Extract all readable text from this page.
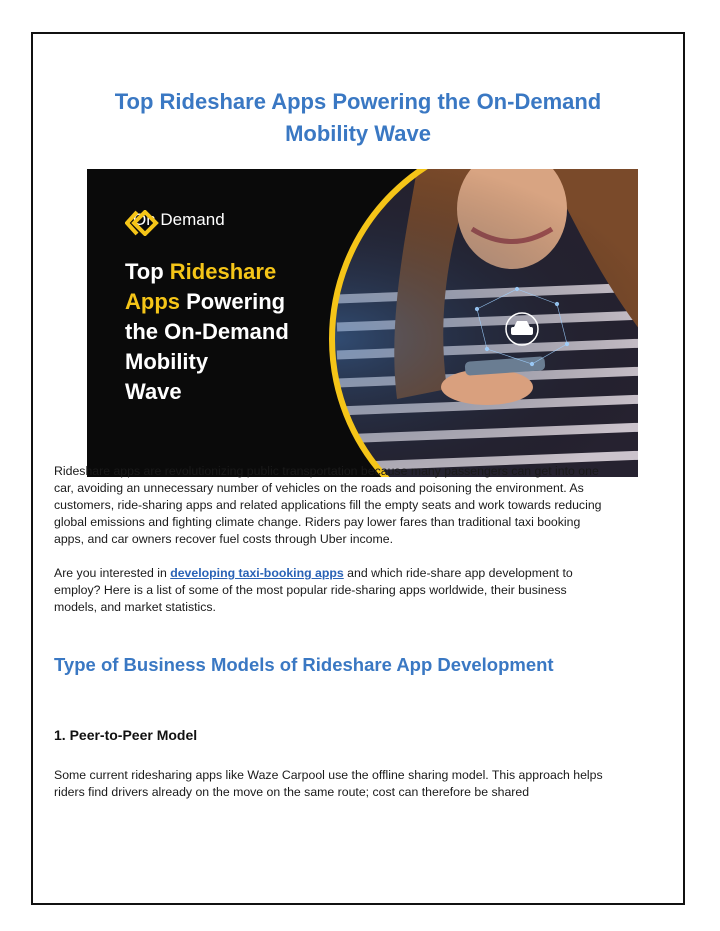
Top Rideshare Apps Powering the On-Demand
Mobility Wave
On Demand
Top Rideshare
Apps Powering
the On-Demand
Mobility
Wave

Rideshare apps are revolutionizing public transportation because many passengers can get into one car, avoiding an unnecessary number of vehicles on the roads and poisoning the environment. As customers, ride-sharing apps and related applications fill the empty seats and work towards reducing global emissions and fighting climate change. Riders pay lower fares than traditional taxi booking apps, and car owners recover fuel costs through Uber income.

Are you interested in developing taxi-booking apps and which ride-share app development to employ? Here is a list of some of the most popular ride-sharing apps worldwide, their business models, and market statistics.

Type of Business Models of Rideshare App Development
1. Peer-to-Peer Model

Some current ridesharing apps like Waze Carpool use the offline sharing model. This approach helps riders find drivers already on the move on the same route; cost can therefore be shared
